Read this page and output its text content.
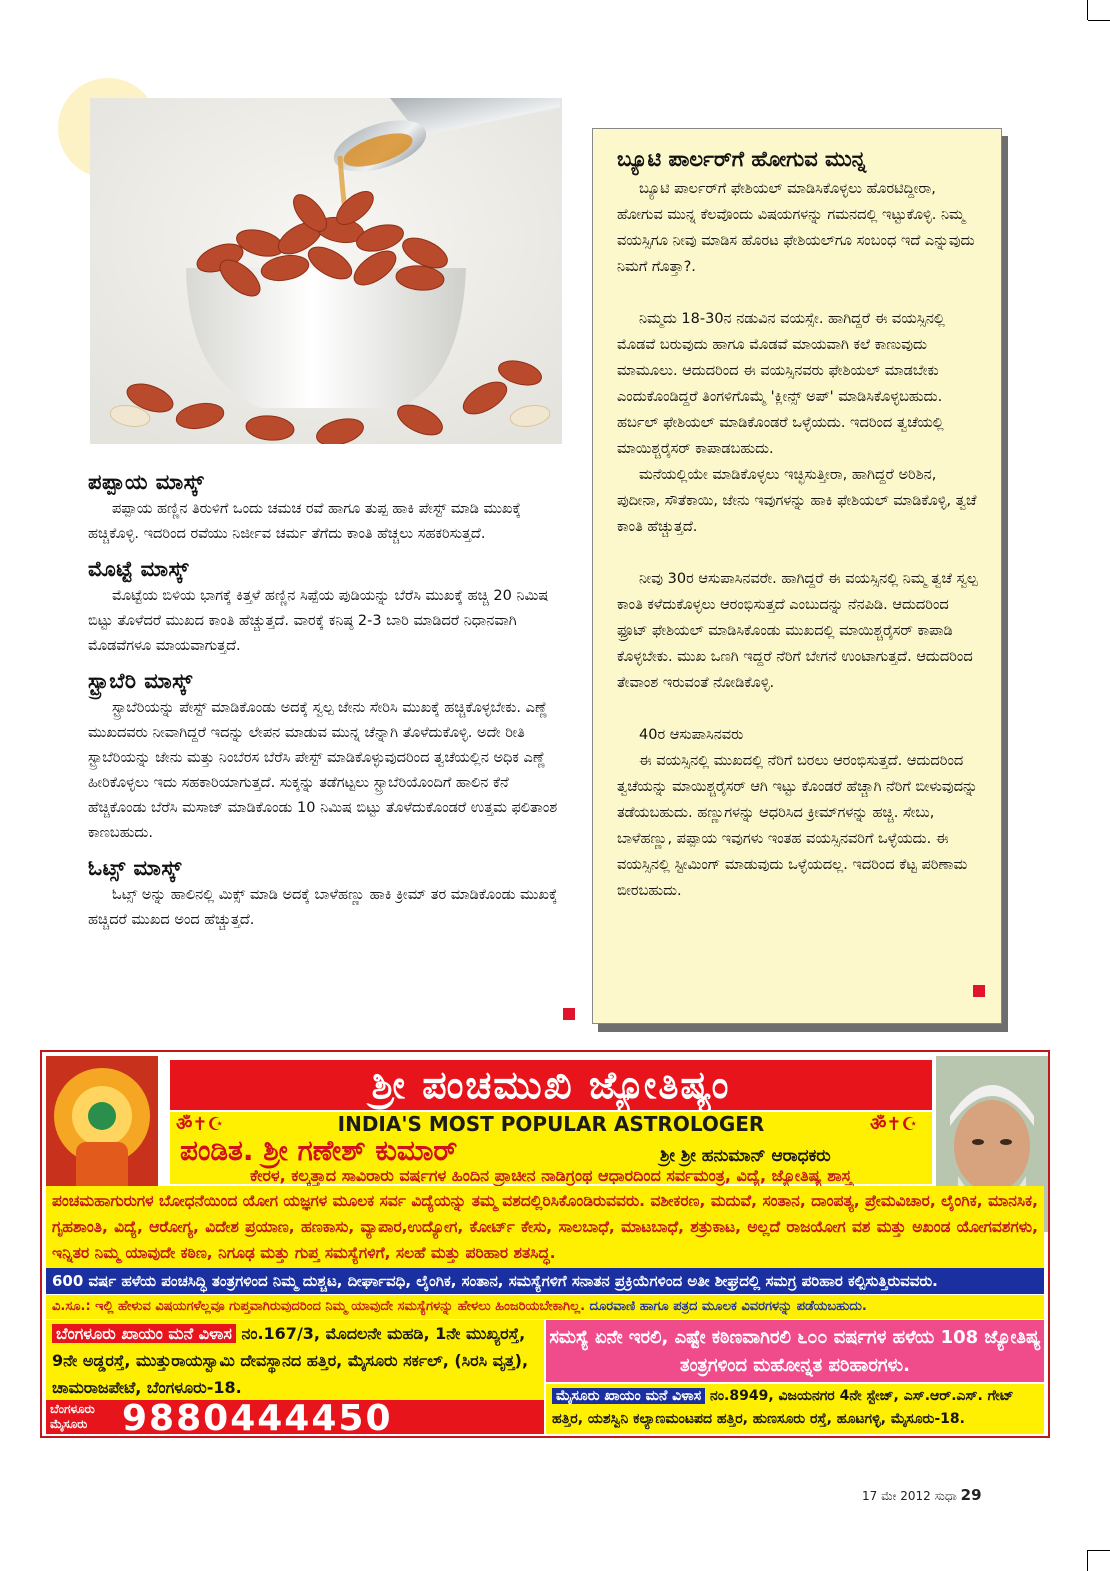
ಪಪ್ಪಾಯ ಮಾಸ್ಕ್

ಪಪ್ಪಾಯ ಹಣ್ಣಿನ ತಿರುಳಿಗೆ ಒಂದು ಚಮಚ ರವೆ ಹಾಗೂ ತುಪ್ಪ ಹಾಕಿ ಪೇಸ್ಟ್ ಮಾಡಿ ಮುಖಕ್ಕೆ ಹಚ್ಚಿಕೊಳ್ಳಿ. ಇದರಿಂದ ರವೆಯು ನಿರ್ಜೀವ ಚರ್ಮ ತೆಗೆದು ಕಾಂತಿ ಹೆಚ್ಚಲು ಸಹಕರಿಸುತ್ತದೆ.

ಮೊಟ್ಟೆ ಮಾಸ್ಕ್

ಮೊಟ್ಟೆಯ ಬಿಳಿಯ ಭಾಗಕ್ಕೆ ಕಿತ್ತಳೆ ಹಣ್ಣಿನ ಸಿಪ್ಪೆಯ ಪುಡಿಯನ್ನು ಬೆರೆಸಿ ಮುಖಕ್ಕೆ ಹಚ್ಚಿ 20 ನಿಮಿಷ ಬಿಟ್ಟು ತೊಳೆದರೆ ಮುಖದ ಕಾಂತಿ ಹೆಚ್ಚುತ್ತದೆ. ವಾರಕ್ಕೆ ಕನಿಷ್ಠ 2-3 ಬಾರಿ ಮಾಡಿದರೆ ನಿಧಾನವಾಗಿ ಮೊಡವೆಗಳೂ ಮಾಯವಾಗುತ್ತದೆ.

ಸ್ಟ್ರಾಬೆರಿ ಮಾಸ್ಕ್

ಸ್ಟ್ರಾಬೆರಿಯನ್ನು ಪೇಸ್ಟ್ ಮಾಡಿಕೊಂಡು ಅದಕ್ಕೆ ಸ್ವಲ್ಪ ಜೇನು ಸೇರಿಸಿ ಮುಖಕ್ಕೆ ಹಚ್ಚಿಕೊಳ್ಳಬೇಕು. ಎಣ್ಣೆ ಮುಖದವರು ನೀವಾಗಿದ್ದರೆ ಇದನ್ನು ಲೇಪನ ಮಾಡುವ ಮುನ್ನ ಚೆನ್ನಾಗಿ ತೊಳೆದುಕೊಳ್ಳಿ. ಅದೇ ರೀತಿ ಸ್ಟ್ರಾಬೆರಿಯನ್ನು ಜೇನು ಮತ್ತು ನಿಂಬೆರಸ ಬೆರೆಸಿ ಪೇಸ್ಟ್ ಮಾಡಿಕೊಳ್ಳುವುದರಿಂದ ತ್ವಚೆಯಲ್ಲಿನ ಅಧಿಕ ಎಣ್ಣೆ ಹೀರಿಕೊಳ್ಳಲು ಇದು ಸಹಕಾರಿಯಾಗುತ್ತದೆ. ಸುಕ್ಕನ್ನು ತಡೆಗಟ್ಟಲು ಸ್ಟ್ರಾಬೆರಿಯೊಂದಿಗೆ ಹಾಲಿನ ಕೆನೆ ಹೆಚ್ಚಿಕೊಂಡು ಬೆರೆಸಿ ಮಸಾಜ್ ಮಾಡಿಕೊಂಡು 10 ನಿಮಿಷ ಬಿಟ್ಟು ತೊಳೆದುಕೊಂಡರೆ ಉತ್ತಮ ಫಲಿತಾಂಶ ಕಾಣಬಹುದು.

ಓಟ್ಸ್ ಮಾಸ್ಕ್

ಓಟ್ಸ್ ಅನ್ನು ಹಾಲಿನಲ್ಲಿ ಮಿಕ್ಸ್ ಮಾಡಿ ಅದಕ್ಕೆ ಬಾಳೆಹಣ್ಣು ಹಾಕಿ ಕ್ರೀಮ್ ತರ ಮಾಡಿಕೊಂಡು ಮುಖಕ್ಕೆ ಹಚ್ಚಿದರೆ ಮುಖದ ಅಂದ ಹೆಚ್ಚುತ್ತದೆ.

ಬ್ಯೂಟಿ ಪಾರ್ಲರ್‌ಗೆ ಹೋಗುವ ಮುನ್ನ

ಬ್ಯೂಟಿ ಪಾರ್ಲರ್‌ಗೆ ಫೇಶಿಯಲ್ ಮಾಡಿಸಿಕೊಳ್ಳಲು ಹೊರಟಿದ್ದೀರಾ, ಹೋಗುವ ಮುನ್ನ ಕೆಲವೊಂದು ವಿಷಯಗಳನ್ನು ಗಮನದಲ್ಲಿ ಇಟ್ಟುಕೊಳ್ಳಿ. ನಿಮ್ಮ ವಯಸ್ಸಿಗೂ ನೀವು ಮಾಡಿಸ ಹೊರಟ ಫೇಶಿಯಲ್‌ಗೂ ಸಂಬಂಧ ಇದೆ ಎನ್ನುವುದು ನಿಮಗೆ ಗೊತ್ತಾ?.

ನಿಮ್ಮದು 18-30ನ ನಡುವಿನ ವಯಸ್ಸೇ. ಹಾಗಿದ್ದರೆ ಈ ವಯಸ್ಸಿನಲ್ಲಿ ಮೊಡವೆ ಬರುವುದು ಹಾಗೂ ಮೊಡವೆ ಮಾಯವಾಗಿ ಕಲೆ ಕಾಣುವುದು ಮಾಮೂಲು. ಆದುದರಿಂದ ಈ ವಯಸ್ಸಿನವರು ಫೇಶಿಯಲ್ ಮಾಡಬೇಕು ಎಂದುಕೊಂಡಿದ್ದರೆ ತಿಂಗಳಿಗೊಮ್ಮೆ 'ಕ್ಲೀನ್ಸ್ ಅಪ್' ಮಾಡಿಸಿಕೊಳ್ಳಬಹುದು. ಹರ್ಬಲ್ ಫೇಶಿಯಲ್ ಮಾಡಿಕೊಂಡರೆ ಒಳ್ಳೆಯದು. ಇದರಿಂದ ತ್ವಚೆಯಲ್ಲಿ ಮಾಯಿಶ್ಚರೈಸರ್ ಕಾಪಾಡಬಹುದು.

ಮನೆಯಲ್ಲಿಯೇ ಮಾಡಿಕೊಳ್ಳಲು ಇಚ್ಛಿಸುತ್ತೀರಾ, ಹಾಗಿದ್ದರೆ ಅರಿಶಿನ, ಪುದೀನಾ, ಸೌತೆಕಾಯಿ, ಜೇನು ಇವುಗಳನ್ನು ಹಾಕಿ ಫೇಶಿಯಲ್ ಮಾಡಿಕೊಳ್ಳಿ, ತ್ವಚೆ ಕಾಂತಿ ಹೆಚ್ಚುತ್ತದೆ.

ನೀವು 30ರ ಆಸುಪಾಸಿನವರೇ. ಹಾಗಿದ್ದರೆ ಈ ವಯಸ್ಸಿನಲ್ಲಿ ನಿಮ್ಮ ತ್ವಚೆ ಸ್ವಲ್ಪ ಕಾಂತಿ ಕಳೆದುಕೊಳ್ಳಲು ಆರಂಭಿಸುತ್ತದೆ ಎಂಬುದನ್ನು ನೆನಪಿಡಿ. ಆದುದರಿಂದ ಫ್ರೂಟ್ ಫೇಶಿಯಲ್ ಮಾಡಿಸಿಕೊಂಡು ಮುಖದಲ್ಲಿ ಮಾಯಿಶ್ಚರೈಸರ್ ಕಾಪಾಡಿ ಕೊಳ್ಳಬೇಕು. ಮುಖ ಒಣಗಿ ಇದ್ದರೆ ನೆರಿಗೆ ಬೇಗನೆ ಉಂಟಾಗುತ್ತದೆ. ಆದುದರಿಂದ ತೇವಾಂಶ ಇರುವಂತೆ ನೋಡಿಕೊಳ್ಳಿ.

40ರ ಆಸುಪಾಸಿನವರು

ಈ ವಯಸ್ಸಿನಲ್ಲಿ ಮುಖದಲ್ಲಿ ನೆರಿಗೆ ಬರಲು ಆರಂಭಿಸುತ್ತದೆ. ಆದುದರಿಂದ ತ್ವಚೆಯನ್ನು ಮಾಯಿಶ್ಚರೈಸರ್ ಆಗಿ ಇಟ್ಟು ಕೊಂಡರೆ ಹೆಚ್ಚಾಗಿ ನೆರಿಗೆ ಬೀಳುವುದನ್ನು ತಡೆಯಬಹುದು. ಹಣ್ಣುಗಳನ್ನು ಆಧರಿಸಿದ ಕ್ರೀಮ್‌ಗಳನ್ನು ಹಚ್ಚಿ. ಸೇಬು, ಬಾಳೆಹಣ್ಣು, ಪಪ್ಪಾಯ ಇವುಗಳು ಇಂತಹ ವಯಸ್ಸಿನವರಿಗೆ ಒಳ್ಳೆಯದು. ಈ ವಯಸ್ಸಿನಲ್ಲಿ ಸ್ಟೀಮಿಂಗ್ ಮಾಡುವುದು ಒಳ್ಳೆಯದಲ್ಲ. ಇದರಿಂದ ಕೆಟ್ಟ ಪರಿಣಾಮ ಬೀರಬಹುದು.

ಶ್ರೀ ಪಂಚಮುಖಿ ಜ್ಯೋತಿಷ್ಯಂ
ॐ✝☪	INDIA'S MOST POPULAR ASTROLOGER	ॐ✝☪
ಪಂಡಿತ. ಶ್ರೀ ಗಣೇಶ್ ಕುಮಾರ್	ಶ್ರೀ ಶ್ರೀ ಹನುಮಾನ್ ಆರಾಧಕರು
ಕೇರಳ, ಕಲ್ಕತ್ತಾದ ಸಾವಿರಾರು ವರ್ಷಗಳ ಹಿಂದಿನ ಪ್ರಾಚೀನ ನಾಡಿಗ್ರಂಥ ಆಧಾರದಿಂದ ಸರ್ವಮಂತ್ರ, ವಿದ್ಯೆ, ಜ್ಯೋತಿಷ್ಯ ಶಾಸ್ತ್ರ
ಪಂಚಮಹಾಗುರುಗಳ ಬೋಧನೆಯಿಂದ ಯೋಗ ಯಜ್ಞಗಳ ಮೂಲಕ ಸರ್ವ ವಿದ್ಯೆಯನ್ನು ತಮ್ಮ ವಶದಲ್ಲಿರಿಸಿಕೊಂಡಿರುವವರು. ವಶೀಕರಣ, ಮದುವೆ, ಸಂತಾನ, ದಾಂಪತ್ಯ, ಪ್ರೇಮವಿಚಾರ, ಲೈಂಗಿಕ, ಮಾನಸಿಕ, ಗೃಹಶಾಂತಿ, ವಿದ್ಯೆ, ಆರೋಗ್ಯ, ವಿದೇಶ ಪ್ರಯಾಣ, ಹಣಕಾಸು, ವ್ಯಾಪಾರ,ಉದ್ಯೋಗ, ಕೋರ್ಟ್ ಕೇಸು, ಸಾಲಬಾಧೆ, ಮಾಟಬಾಧೆ, ಶತ್ರುಕಾಟ, ಅಲ್ಲದೆ ರಾಜಯೋಗ ವಶ ಮತ್ತು ಅಖಂಡ ಯೋಗವಶಗಳು, ಇನ್ನಿತರ ನಿಮ್ಮ ಯಾವುದೇ ಕಠಿಣ, ನಿಗೂಢ ಮತ್ತು ಗುಪ್ತ ಸಮಸ್ಯೆಗಳಿಗೆ, ಸಲಹೆ ಮತ್ತು ಪರಿಹಾರ ಶತಸಿದ್ಧ.
600 ವರ್ಷ ಹಳೆಯ ಪಂಚಸಿದ್ಧಿ ತಂತ್ರಗಳಿಂದ ನಿಮ್ಮ ದುಶ್ಚಟ, ದೀರ್ಘಾವಧಿ, ಲೈಂಗಿಕ, ಸಂತಾನ, ಸಮಸ್ಯೆಗಳಿಗೆ ಸನಾತನ ಪ್ರಕ್ರಿಯೆಗಳಿಂದ ಅತೀ ಶೀಘ್ರದಲ್ಲಿ ಸಮಗ್ರ ಪರಿಹಾರ ಕಲ್ಪಿಸುತ್ತಿರುವವರು.
ವಿ.ಸೂ.: ಇಲ್ಲಿ ಹೇಳುವ ವಿಷಯಗಳೆಲ್ಲವೂ ಗುಪ್ತವಾಗಿರುವುದರಿಂದ ನಿಮ್ಮ ಯಾವುದೇ ಸಮಸ್ಯೆಗಳನ್ನು ಹೇಳಲು ಹಿಂಜರಿಯಬೇಕಾಗಿಲ್ಲ. ದೂರವಾಣಿ ಹಾಗೂ ಪತ್ರದ ಮೂಲಕ ವಿವರಗಳನ್ನು ಪಡೆಯಬಹುದು.
ಬೆಂಗಳೂರು ಖಾಯಂ ಮನೆ ವಿಳಾಸ ನಂ.167/3, ಮೊದಲನೇ ಮಹಡಿ, 1ನೇ ಮುಖ್ಯರಸ್ತೆ, 9ನೇ ಅಡ್ಡರಸ್ತೆ, ಮುತ್ತುರಾಯಸ್ವಾಮಿ ದೇವಸ್ಥಾನದ ಹತ್ತಿರ, ಮೈಸೂರು ಸರ್ಕಲ್, (ಸಿರಸಿ ವೃತ್ತ), ಚಾಮರಾಜಪೇಟೆ, ಬೆಂಗಳೂರು-18.
ಸಮಸ್ಯೆ ಏನೇ ಇರಲಿ, ಎಷ್ಟೇ ಕಠಿಣವಾಗಿರಲಿ ೬೦೦ ವರ್ಷಗಳ ಹಳೆಯ 108 ಜ್ಯೋತಿಷ್ಯ ತಂತ್ರಗಳಿಂದ ಮಹೋನ್ನತ ಪರಿಹಾರಗಳು.
ಮೈಸೂರು ಖಾಯಂ ಮನೆ ವಿಳಾಸ ನಂ.8949, ವಿಜಯನಗರ 4ನೇ ಸ್ಟೇಜ್, ಎಸ್.ಆರ್.ಎಸ್. ಗೇಟ್ ಹತ್ತಿರ, ಯಶಸ್ವಿನಿ ಕಲ್ಯಾಣಮಂಟಪದ ಹತ್ತಿರ, ಹುಣಸೂರು ರಸ್ತೆ, ಹೂಟಗಳ್ಳಿ, ಮೈಸೂರು-18.
ಬೆಂಗಳೂರು
ಮೈಸೂರು 9880444450
17 ಮೇ 2012 ಸುಧಾ 29
